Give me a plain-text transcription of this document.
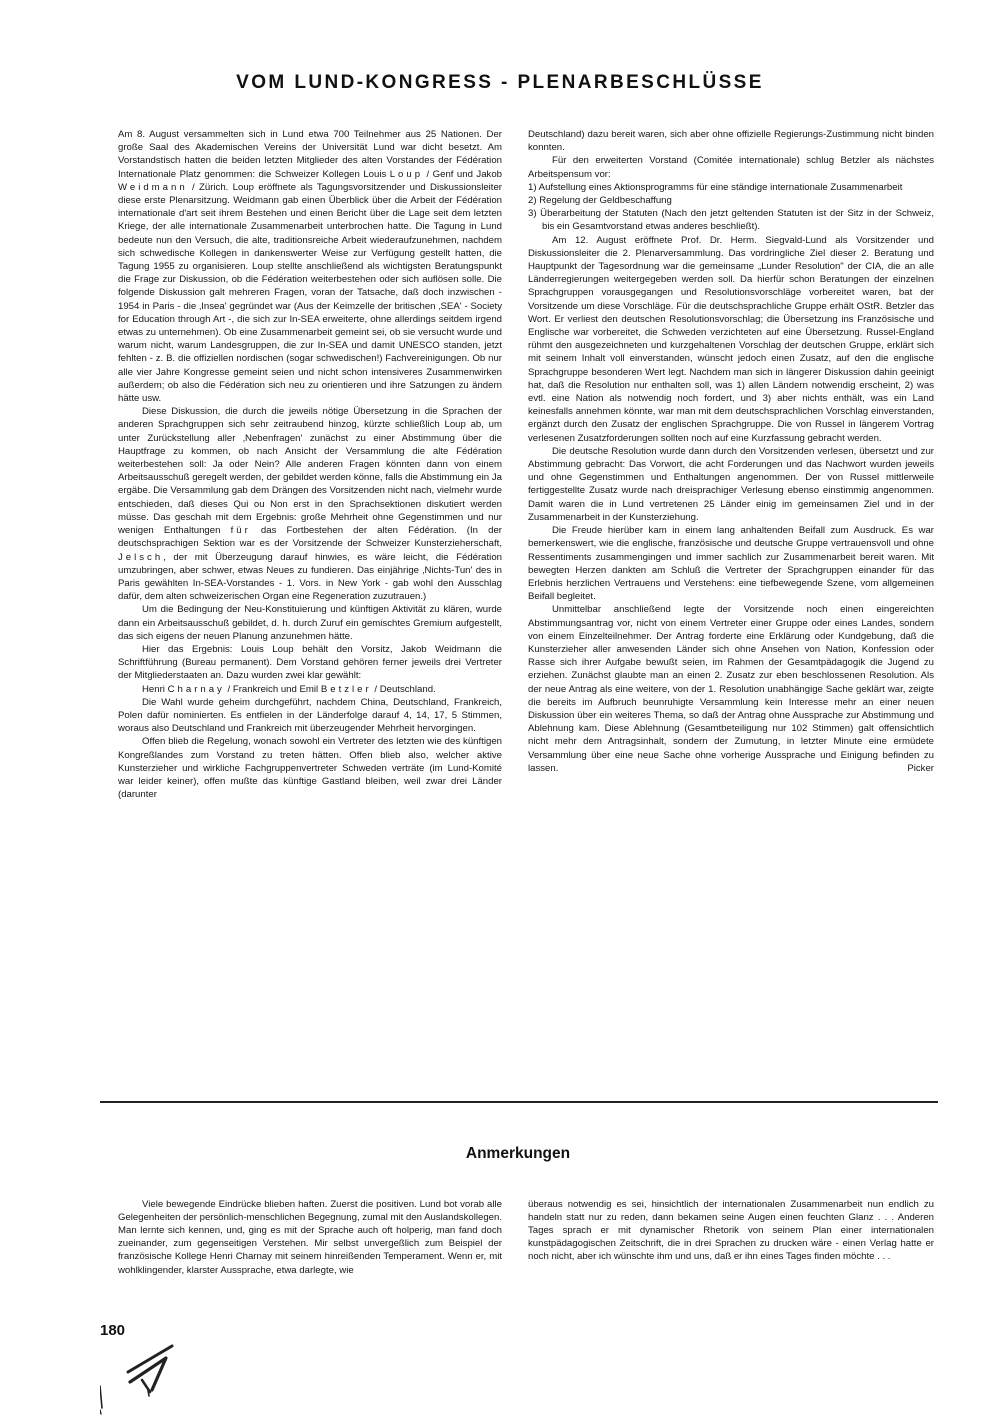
VOM LUND-KONGRESS - PLENARBESCHLÜSSE

Am 8. August versammelten sich in Lund etwa 700 Teilnehmer aus 25 Nationen. Der große Saal des Akademischen Vereins der Universität Lund war dicht besetzt. Am Vorstandstisch hatten die beiden letzten Mitglieder des alten Vorstandes der Fédération Internationale Platz genommen: die Schweizer Kollegen Louis Loup / Genf und Jakob Weidmann / Zürich. Loup eröffnete als Tagungsvorsitzender und Diskussionsleiter diese erste Plenarsitzung. Weidmann gab einen Überblick über die Arbeit der Fédération internationale d'art seit ihrem Bestehen und einen Bericht über die Lage seit dem letzten Kriege, der alle internationale Zusammenarbeit unterbrochen hatte. Die Tagung in Lund bedeute nun den Versuch, die alte, traditionsreiche Arbeit wiederaufzunehmen, nachdem sich schwedische Kollegen in dankenswerter Weise zur Verfügung gestellt hatten, die Tagung 1955 zu organisieren. Loup stellte anschließend als wichtigsten Beratungspunkt die Frage zur Diskussion, ob die Fédération weiterbestehen oder sich auflösen solle. Die folgende Diskussion galt mehreren Fragen, voran der Tatsache, daß doch inzwischen - 1954 in Paris - die ‚Insea' gegründet war (Aus der Keimzelle der britischen ‚SEA' - Society for Education through Art -, die sich zur In-SEA erweiterte, ohne allerdings seitdem irgend etwas zu unternehmen). Ob eine Zusammenarbeit gemeint sei, ob sie versucht wurde und warum nicht, warum Landesgruppen, die zur In-SEA und damit UNESCO standen, jetzt fehlten - z. B. die offiziellen nordischen (sogar schwedischen!) Fachvereinigungen. Ob nur alle vier Jahre Kongresse gemeint seien und nicht schon intensiveres Zusammenwirken außerdem; ob also die Fédération sich neu zu orientieren und ihre Satzungen zu ändern hätte usw.

Diese Diskussion, die durch die jeweils nötige Übersetzung in die Sprachen der anderen Sprachgruppen sich sehr zeitraubend hinzog, kürzte schließlich Loup ab, um unter Zurückstellung aller ‚Nebenfragen' zunächst zu einer Abstimmung über die Hauptfrage zu kommen, ob nach Ansicht der Versammlung die alte Fédération weiterbestehen soll: Ja oder Nein? Alle anderen Fragen könnten dann von einem Arbeitsausschuß geregelt werden, der gebildet werden könne, falls die Abstimmung ein Ja ergäbe. Die Versammlung gab dem Drängen des Vorsitzenden nicht nach, vielmehr wurde entschieden, daß dieses Qui ou Non erst in den Sprachsektionen diskutiert werden müsse. Das geschah mit dem Ergebnis: große Mehrheit ohne Gegenstimmen und nur wenigen Enthaltungen für das Fortbestehen der alten Fédération. (In der deutschsprachigen Sektion war es der Vorsitzende der Schweizer Kunsterzieherschaft, Jelsch, der mit Überzeugung darauf hinwies, es wäre leicht, die Fédération umzubringen, aber schwer, etwas Neues zu fundieren. Das einjährige ‚Nichts-Tun' des in Paris gewählten In-SEA-Vorstandes - 1. Vors. in New York - gab wohl den Ausschlag dafür, dem alten schweizerischen Organ eine Regeneration zuzutrauen.)

Um die Bedingung der Neu-Konstituierung und künftigen Aktivität zu klären, wurde dann ein Arbeitsausschuß gebildet, d. h. durch Zuruf ein gemischtes Gremium aufgestellt, das sich eigens der neuen Planung anzunehmen hätte.

Hier das Ergebnis: Louis Loup behält den Vorsitz, Jakob Weidmann die Schriftführung (Bureau permanent). Dem Vorstand gehören ferner jeweils drei Vertreter der Mitgliederstaaten an. Dazu wurden zwei klar gewählt:

Henri Charnay / Frankreich und Emil Betzler / Deutschland.

Die Wahl wurde geheim durchgeführt, nachdem China, Deutschland, Frankreich, Polen dafür nominierten. Es entfielen in der Länderfolge darauf 4, 14, 17, 5 Stimmen, woraus also Deutschland und Frankreich mit überzeugender Mehrheit hervorgingen.

Offen blieb die Regelung, wonach sowohl ein Vertreter des letzten wie des künftigen Kongreßlandes zum Vorstand zu treten hätten. Offen blieb also, welcher aktive Kunsterzieher und wirkliche Fachgruppenvertreter Schweden verträte (im Lund-Komité war leider keiner), offen mußte das künftige Gastland bleiben, weil zwar drei Länder (darunter

Deutschland) dazu bereit waren, sich aber ohne offizielle Regierungs-Zustimmung nicht binden konnten.

Für den erweiterten Vorstand (Comitée internationale) schlug Betzler als nächstes Arbeitspensum vor:

1) Aufstellung eines Aktionsprogramms für eine ständige internationale Zusammenarbeit

2) Regelung der Geldbeschaffung

3) Überarbeitung der Statuten (Nach den jetzt geltenden Statuten ist der Sitz in der Schweiz, bis ein Gesamtvorstand etwas anderes beschließt).

Am 12. August eröffnete Prof. Dr. Herm. Siegvald-Lund als Vorsitzender und Diskussionsleiter die 2. Plenarversammlung. Das vordringliche Ziel dieser 2. Beratung und Hauptpunkt der Tagesordnung war die gemeinsame „Lunder Resolution" der CIA, die an alle Länderregierungen weitergegeben werden soll. Da hierfür schon Beratungen der einzelnen Sprachgruppen vorausgegangen und Resolutionsvorschläge vorbereitet waren, bat der Vorsitzende um diese Vorschläge. Für die deutschsprachliche Gruppe erhält OStR. Betzler das Wort. Er verliest den deutschen Resolutionsvorschlag; die Übersetzung ins Französische und Englische war vorbereitet, die Schweden verzichteten auf eine Übersetzung. Russel-England rühmt den ausgezeichneten und kurzgehaltenen Vorschlag der deutschen Gruppe, erklärt sich mit seinem Inhalt voll einverstanden, wünscht jedoch einen Zusatz, auf den die englische Sprachgruppe besonderen Wert legt. Nachdem man sich in längerer Diskussion dahin geeinigt hat, daß die Resolution nur enthalten soll, was 1) allen Ländern notwendig erscheint, 2) was evtl. eine Nation als notwendig noch fordert, und 3) aber nichts enthält, was ein Land keinesfalls annehmen könnte, war man mit dem deutschsprachlichen Vorschlag einverstanden, ergänzt durch den Zusatz der englischen Sprachgruppe. Die von Russel in längerem Vortrag verlesenen Zusatzforderungen sollten noch auf eine Kurzfassung gebracht werden.

Die deutsche Resolution wurde dann durch den Vorsitzenden verlesen, übersetzt und zur Abstimmung gebracht: Das Vorwort, die acht Forderungen und das Nachwort wurden jeweils und ohne Gegenstimmen und Enthaltungen angenommen. Der von Russel mittlerweile fertiggestellte Zusatz wurde nach dreisprachiger Verlesung ebenso einstimmig angenommen. Damit waren die in Lund vertretenen 25 Länder einig im gemeinsamen Ziel und in der Zusammenarbeit in der Kunsterziehung.

Die Freude hierüber kam in einem lang anhaltenden Beifall zum Ausdruck. Es war bemerkenswert, wie die englische, französische und deutsche Gruppe vertrauensvoll und ohne Ressentiments zusammengingen und immer sachlich zur Zusammenarbeit bereit waren. Mit bewegten Herzen dankten am Schluß die Vertreter der Sprachgruppen einander für das Erlebnis herzlichen Vertrauens und Verstehens: eine tiefbewegende Szene, vom allgemeinen Beifall begleitet.

Unmittelbar anschließend legte der Vorsitzende noch einen eingereichten Abstimmungsantrag vor, nicht von einem Vertreter einer Gruppe oder eines Landes, sondern von einem Einzelteilnehmer. Der Antrag forderte eine Erklärung oder Kundgebung, daß die Kunsterzieher aller anwesenden Länder sich ohne Ansehen von Nation, Konfession oder Rasse sich ihrer Aufgabe bewußt seien, im Rahmen der Gesamtpädagogik die Jugend zu erziehen. Zunächst glaubte man an einen 2. Zusatz zur eben beschlossenen Resolution. Als der neue Antrag als eine weitere, von der 1. Resolution unabhängige Sache geklärt war, zeigte die bereits im Aufbruch beunruhigte Versammlung kein Interesse mehr an einer neuen Diskussion über ein weiteres Thema, so daß der Antrag ohne Aussprache zur Abstimmung und Ablehnung kam. Diese Ablehnung (Gesamtbeteiligung nur 102 Stimmen) galt offensichtlich nicht mehr dem Antragsinhalt, sondern der Zumutung, in letzter Minute eine ermüdete Versammlung über eine neue Sache ohne vorherige Aussprache und Einigung befinden zu lassen.	Picker

Anmerkungen

Viele bewegende Eindrücke blieben haften. Zuerst die positiven. Lund bot vorab alle Gelegenheiten der persönlich-menschlichen Begegnung, zumal mit den Auslandskollegen. Man lernte sich kennen, und, ging es mit der Sprache auch oft holperig, man fand doch zueinander, zum gegenseitigen Verstehen. Mir selbst unvergeßlich zum Beispiel der französische Kollege Henri Charnay mit seinem hinreißenden Temperament. Wenn er, mit wohlklingender, klarster Aussprache, etwa darlegte, wie

überaus notwendig es sei, hinsichtlich der internationalen Zusammenarbeit nun endlich zu handeln statt nur zu reden, dann bekamen seine Augen einen feuchten Glanz . . . Anderen Tages sprach er mit dynamischer Rhetorik von seinem Plan einer internationalen kunstpädagogischen Zeitschrift, die in drei Sprachen zu drucken wäre - einen Verlag hatte er noch nicht, aber ich wünschte ihm und uns, daß er ihn eines Tages finden möchte . . .

180
